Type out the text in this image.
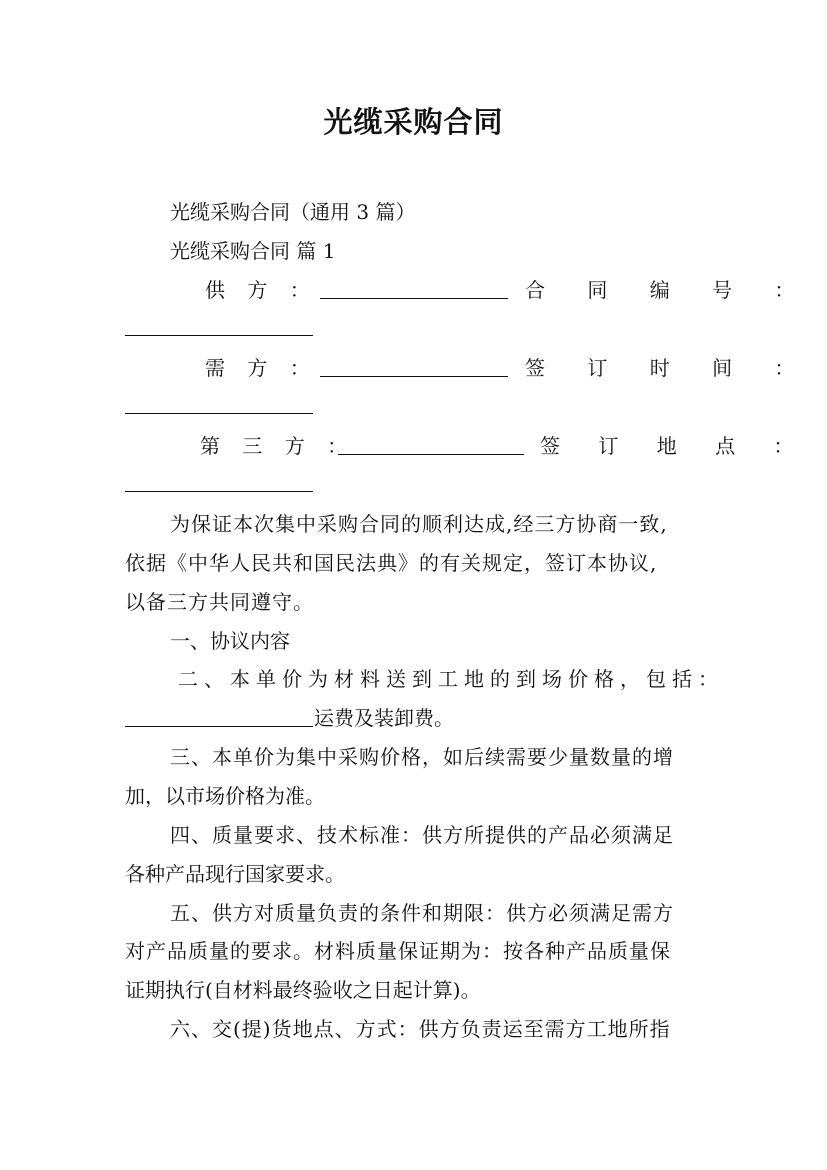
光缆采购合同
光缆采购合同（通用 3 篇）
光缆采购合同 篇 1
供 方 ：	合 同 编 号 ：
需 方 ：	签 订 时 间 ：
第 三 方 ：	签 订 地 点 ：
为保证本次集中采购合同的顺利达成,经三方协商一致,
依据《中华人民共和国民法典》的有关规定，签订本协议,
以备三方共同遵守。
一、协议内容
二、本单价为材料送到工地的到场价格，包括：
运费及装卸费。
三、本单价为集中采购价格，如后续需要少量数量的增
加，以市场价格为准。
四、质量要求、技术标准：供方所提供的产品必须满足
各种产品现行国家要求。
五、供方对质量负责的条件和期限：供方必须满足需方
对产品质量的要求。材料质量保证期为：按各种产品质量保
证期执行(自材料最终验收之日起计算)。
六、交(提)货地点、方式：供方负责运至需方工地所指
